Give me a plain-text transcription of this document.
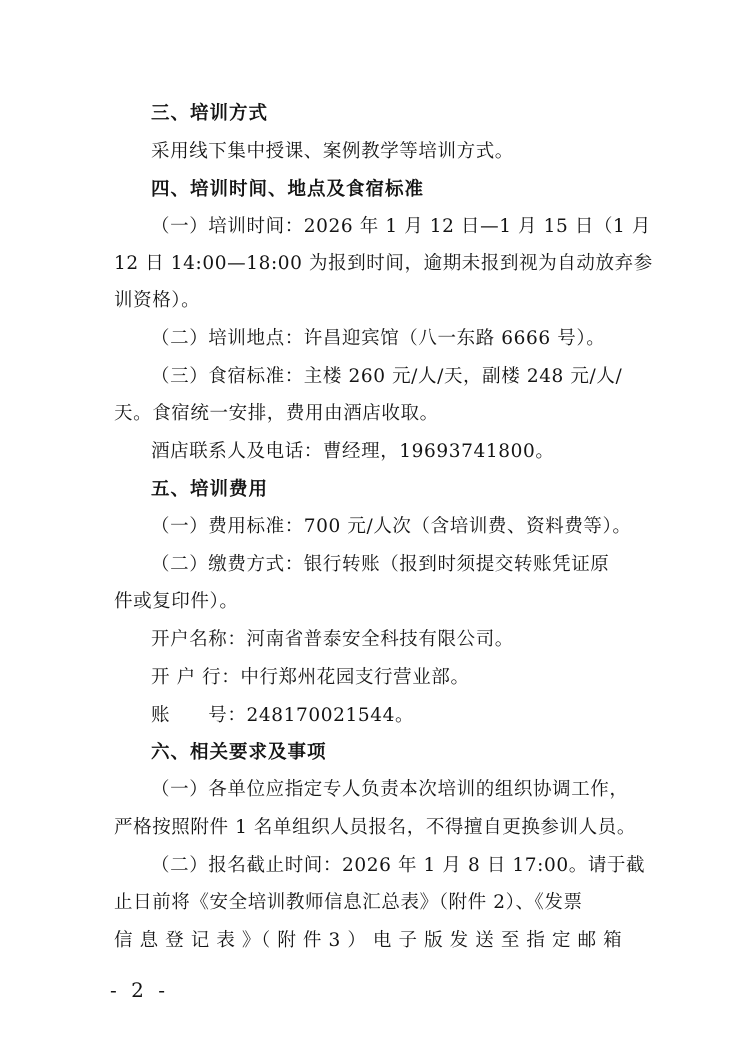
三、培训方式
采用线下集中授课、案例教学等培训方式。
四、培训时间、地点及食宿标准
（一）培训时间：2026 年 1 月 12 日—1 月 15 日（1 月
12 日 14:00—18:00 为报到时间，逾期未报到视为自动放弃参
训资格）。
（二）培训地点：许昌迎宾馆（八一东路 6666 号）。
（三）食宿标准：主楼 260 元/人/天，副楼 248 元/人/
天。食宿统一安排，费用由酒店收取。
酒店联系人及电话：曹经理，19693741800。
五、培训费用
（一）费用标准：700 元/人次（含培训费、资料费等）。
（二）缴费方式：银行转账（报到时须提交转账凭证原
件或复印件）。
开户名称：河南省普泰安全科技有限公司。
开 户 行：中行郑州花园支行营业部。
账　　号：248170021544。
六、相关要求及事项
（一）各单位应指定专人负责本次培训的组织协调工作，
严格按照附件 1 名单组织人员报名，不得擅自更换参训人员。
（二）报名截止时间：2026 年 1 月 8 日 17:00。请于截
止日前将《安全培训教师信息汇总表》（附件 2）、《发票
信 息 登 记 表 》（ 附 件 3 ） 电 子 版 发 送 至 指 定 邮 箱
- 2 -
